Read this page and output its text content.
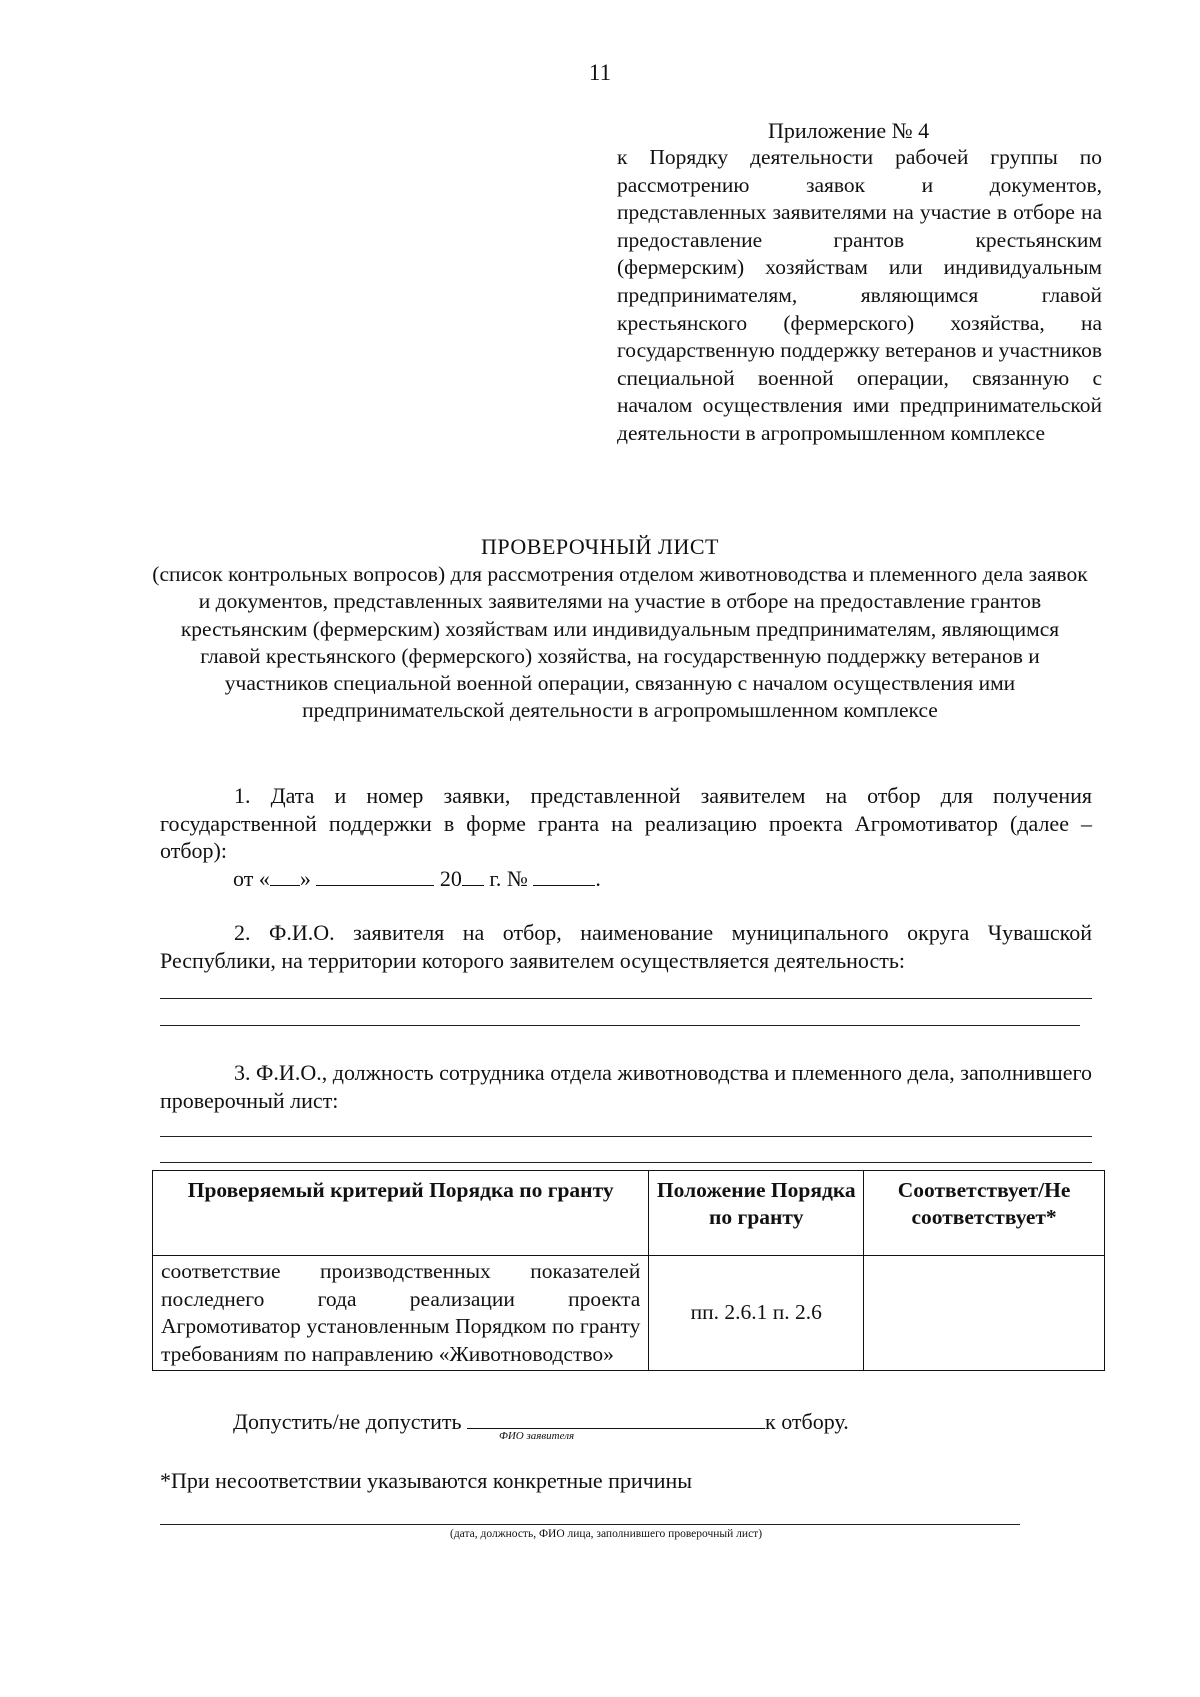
11
Приложение № 4
к Порядку деятельности рабочей группы по рассмотрению заявок и документов, представленных заявителями на участие в отборе на предоставление грантов крестьянским (фермерским) хозяйствам или индивидуальным предпринимателям, являющимся главой крестьянского (фермерского) хозяйства, на государственную поддержку ветеранов и участников специальной военной операции, связанную с началом осуществления ими предпринимательской деятельности в агропромышленном комплексе
ПРОВЕРОЧНЫЙ ЛИСТ
(список контрольных вопросов) для рассмотрения отделом животноводства и племенного дела заявок и документов, представленных заявителями на участие в отборе на предоставление грантов крестьянским (фермерским) хозяйствам или индивидуальным предпринимателям, являющимся главой крестьянского (фермерского) хозяйства, на государственную поддержку ветеранов и участников специальной военной операции, связанную с началом осуществления ими предпринимательской деятельности в агропромышленном комплексе
1. Дата и номер заявки, представленной заявителем на отбор для получения государственной поддержки в форме гранта на реализацию проекта Агромотиватор (далее – отбор):
от « »	20 г. №	.
2. Ф.И.О. заявителя на отбор, наименование муниципального округа Чувашской Республики, на территории которого заявителем осуществляется деятельность:
3. Ф.И.О., должность сотрудника отдела животноводства и племенного дела, заполнившего проверочный лист:
Проверяемый критерий Порядка по гранту	Положение Порядка по гранту	Соответствует/Не соответствует*
соответствие производственных показателей последнего года реализации проекта Агромотиватор установленным Порядком по гранту требованиям по направлению «Животноводство»	пп. 2.6.1 п. 2.6	
Допустить/не допустить
ФИО заявителя
к отбору.
*При несоответствии указываются конкретные причины
(дата, должность, ФИО лица, заполнившего проверочный лист)
